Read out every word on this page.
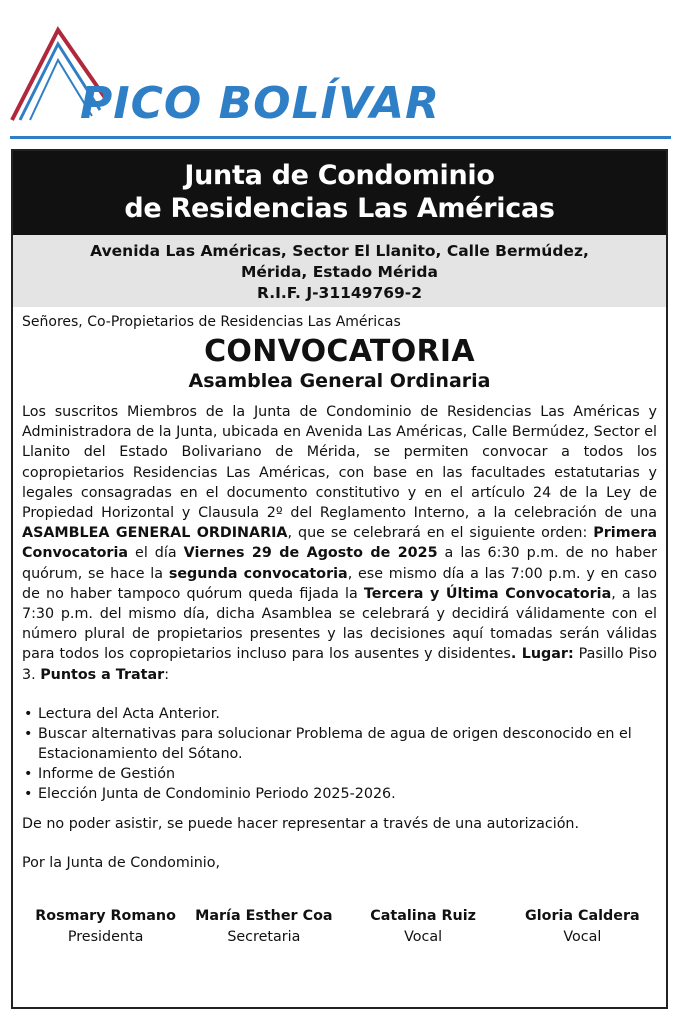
PICO BOLÍVAR
Junta de Condominio
de Residencias Las Américas
Avenida Las Américas, Sector El Llanito, Calle Bermúdez,
Mérida, Estado Mérida
R.I.F. J-31149769-2
Señores, Co-Propietarios de Residencias Las Américas
CONVOCATORIA
Asamblea General Ordinaria
Los suscritos Miembros de la Junta de Condominio de Residencias Las Américas y Administradora de la Junta, ubicada en Avenida Las Américas, Calle Bermúdez, Sector el Llanito del Estado Bolivariano de Mérida, se permiten convocar a todos los copropietarios Residencias Las Américas, con base en las facultades estatutarias y legales consagradas en el documento constitutivo y en el artículo 24 de la Ley de Propiedad Horizontal y Clausula 2º del Reglamento Interno, a la celebración de una ASAMBLEA GENERAL ORDINARIA, que se celebrará en el siguiente orden: Primera Convocatoria el día Viernes 29 de Agosto de 2025 a las 6:30 p.m. de no haber quórum, se hace la segunda convocatoria, ese mismo día a las 7:00 p.m. y en caso de no haber tampoco quórum queda fijada la Tercera y Última Convocatoria, a las 7:30 p.m. del mismo día, dicha Asamblea se celebrará y decidirá válidamente con el número plural de propietarios presentes y las decisiones aquí tomadas serán válidas para todos los copropietarios incluso para los ausentes y disidentes. Lugar: Pasillo Piso 3. Puntos a Tratar:
• Lectura del Acta Anterior.
• Buscar alternativas para solucionar Problema de agua de origen desconocido en el Estacionamiento del Sótano.
• Informe de Gestión
• Elección Junta de Condominio Periodo 2025-2026.
De no poder asistir, se puede hacer representar a través de una autorización.
Por la Junta de Condominio,
Rosmary Romano
Presidenta
María Esther Coa
Secretaria
Catalina Ruiz
Vocal
Gloria Caldera
Vocal
